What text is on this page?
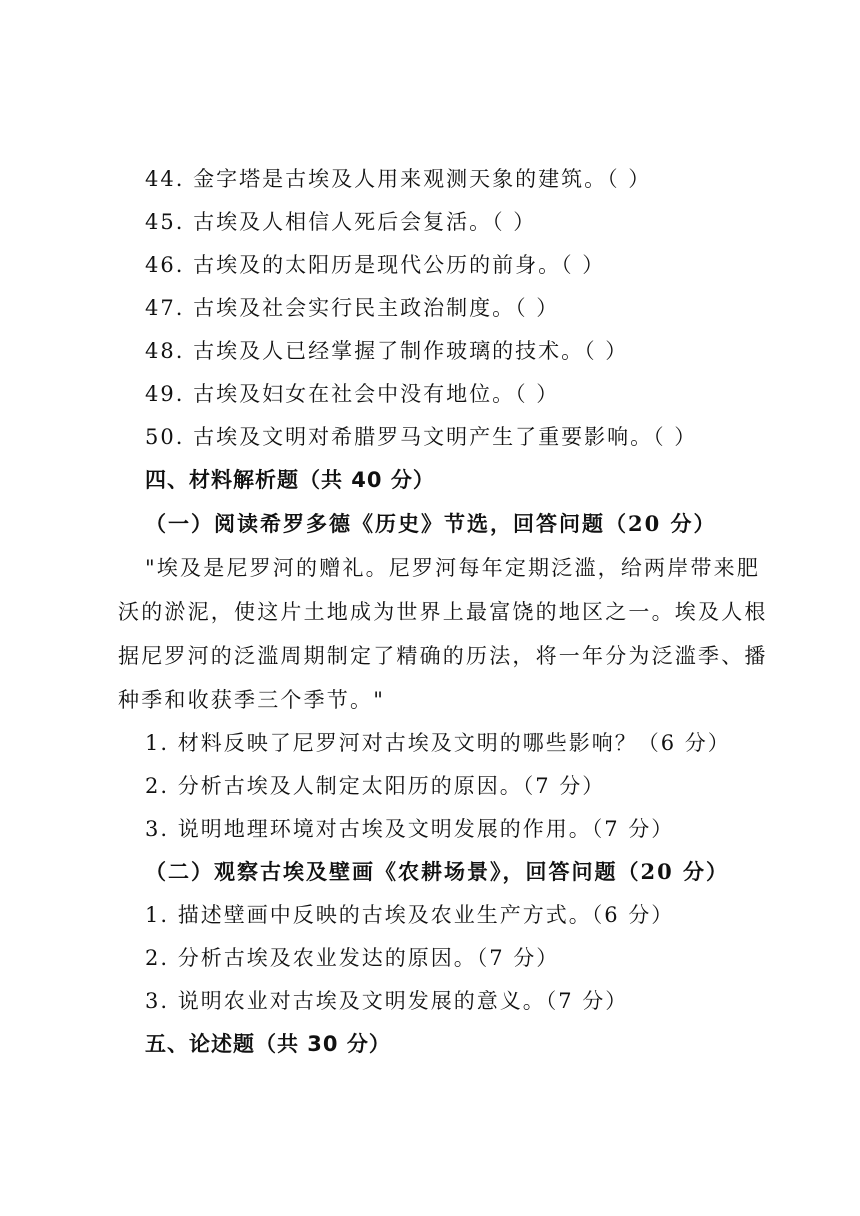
44. 金字塔是古埃及人用来观测天象的建筑。（ ）
45. 古埃及人相信人死后会复活。（ ）
46. 古埃及的太阳历是现代公历的前身。（ ）
47. 古埃及社会实行民主政治制度。（ ）
48. 古埃及人已经掌握了制作玻璃的技术。（ ）
49. 古埃及妇女在社会中没有地位。（ ）
50. 古埃及文明对希腊罗马文明产生了重要影响。（ ）
四、材料解析题（共 40 分）
（一）阅读希罗多德《历史》节选，回答问题（20 分）
"埃及是尼罗河的赠礼。尼罗河每年定期泛滥，给两岸带来肥
沃的淤泥，使这片土地成为世界上最富饶的地区之一。埃及人根
据尼罗河的泛滥周期制定了精确的历法，将一年分为泛滥季、播
种季和收获季三个季节。"
1. 材料反映了尼罗河对古埃及文明的哪些影响？（6 分）
2. 分析古埃及人制定太阳历的原因。（7 分）
3. 说明地理环境对古埃及文明发展的作用。（7 分）
（二）观察古埃及壁画《农耕场景》，回答问题（20 分）
1. 描述壁画中反映的古埃及农业生产方式。（6 分）
2. 分析古埃及农业发达的原因。（7 分）
3. 说明农业对古埃及文明发展的意义。（7 分）
五、论述题（共 30 分）
